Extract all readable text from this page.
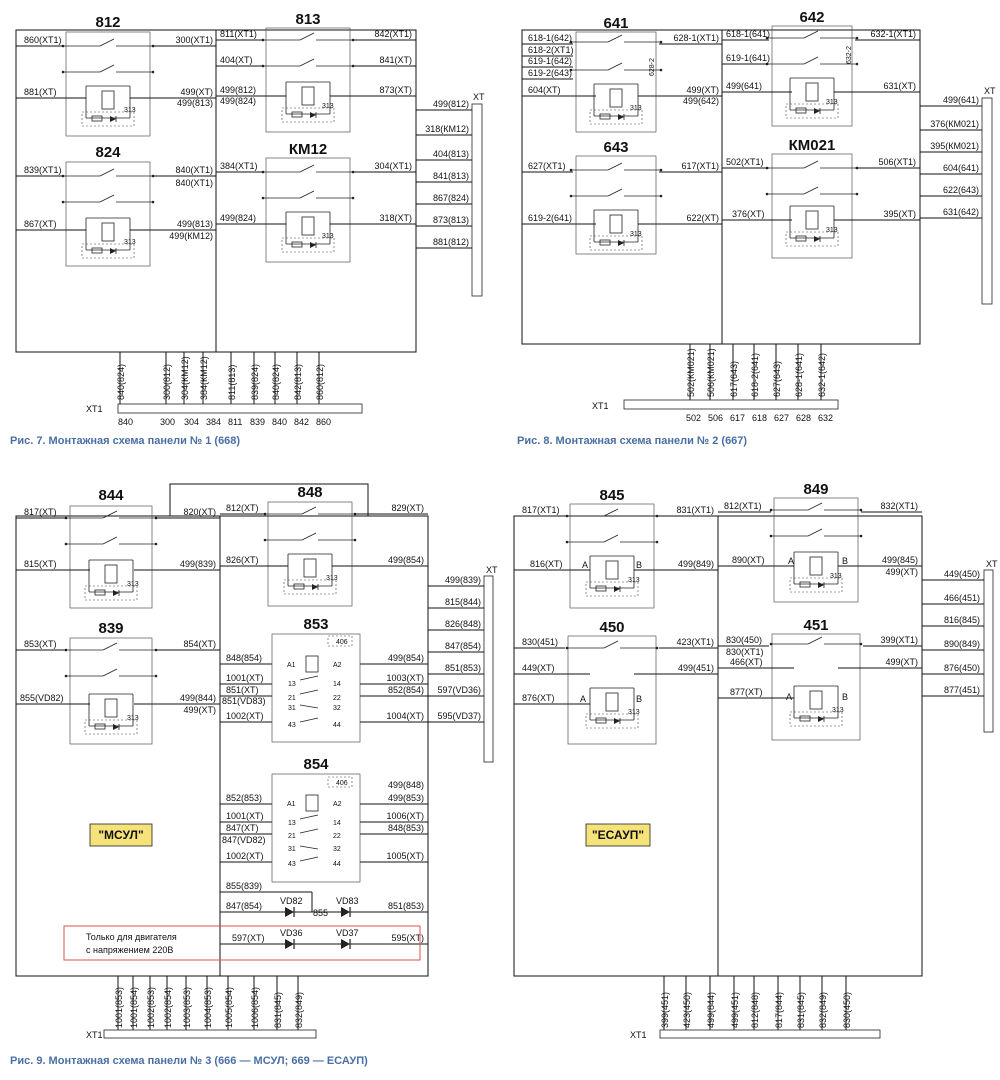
812
313
813
313
824
313
КМ12
313
860(XT1)
881(XT)
839(XT1)
867(XT)
300(XT1)
499(XT)
499(813)
840(XT1)
840(XT1)
499(813)
499(КМ12)
811(XT1)
404(XT)
499(812)
499(824)
384(XT1)
499(824)
842(XT1)
841(XT)
873(XT)
304(XT1)
318(XT)
XT
499(812)
318(КМ12)
404(813)
841(813)
867(824)
873(813)
881(812)
XT1
840(824)	300(812) 304(КМ12) 384(КМ12) 811(813) 839(824) 840(824) 842(813) 860(812)
840	300 304 384 811 839 840 842 860
Рис. 7. Монтажная схема панели № 1 (668)
641
313
628-2
642
313
632-2
643
313
КМ021
313
618-1(642)
618-2(XT1)
619-1(642)
619-2(643)
604(XT)
627(XT1)
619-2(641)
628-1(XT1)
499(XT)
499(642)
617(XT1)
622(XT)
618-1(641)
619-1(641)
499(641)
502(XT1)
376(XT)
632-1(XT1)
631(XT)
506(XT1)
395(XT)
XT
499(641)
376(КМ021)
395(КМ021)
604(641)
622(643)
631(642)
XT1
502(КМ021) 506(КМ021) 617(643) 618-2(641) 627(643) 628-1(641) 632-1(642)
502 506 617 618 627 628 632
Рис. 8. Монтажная схема панели № 2 (667)
844
313
848
313
839
313
853
406
A1	A2
13	14
21	22
31	32
43	44
854
406
A1	A2
13	14
21	22
31	32
43	44
817(XT)
815(XT)
853(XT)
855(VD82)
820(XT)
499(839)
854(XT)
499(844)
499(XT)
812(XT)
826(XT)
829(XT)
499(854)
848(854)
1001(XT)
851(XT)
851(VD83)
1002(XT)
499(854)
1003(XT)
852(854)
1004(XT)
852(853)
1001(XT)
847(XT)
847(VD82)
1002(XT)
499(848)
499(853)
1006(XT)
848(853)
1005(XT)
855(839)
847(854) VD82
855
VD83	851(853)
597(XT) VD36	VD37	595(XT)
Только для двигателя
с напряжением 220В
"МСУЛ"
XT
499(839)
815(844)
826(848)
847(854)
851(853)
597(VD36)
595(VD37)
XT1
1001(853) 1001(854) 1002(853) 1002(854) 1003(853) 1004(853) 1005(854) 1006(854) 831(845) 832(849)
845
313
A	B
849
313
A	B
450
313
A	B
451
313
A	B
817(XT1)
816(XT)
830(451)
449(XT)
876(XT)
831(XT1)
499(849)
423(XT1)
499(451)
812(XT1)
890(XT)
832(XT1)
499(845)
499(XT)
830(450)
830(XT1)
466(XT)
877(XT)
399(XT1)
499(XT)
"ЕСАУП"
XT
449(450)
466(451)
816(845)
890(849)
876(450)
877(451)
XT1
399(451) 423(450) 499(844) 499(451) 812(848) 817(844) 831(845) 832(849) 830(450)
Рис. 9. Монтажная схема панели № 3 (666 — МСУЛ; 669 — ЕСАУП)
